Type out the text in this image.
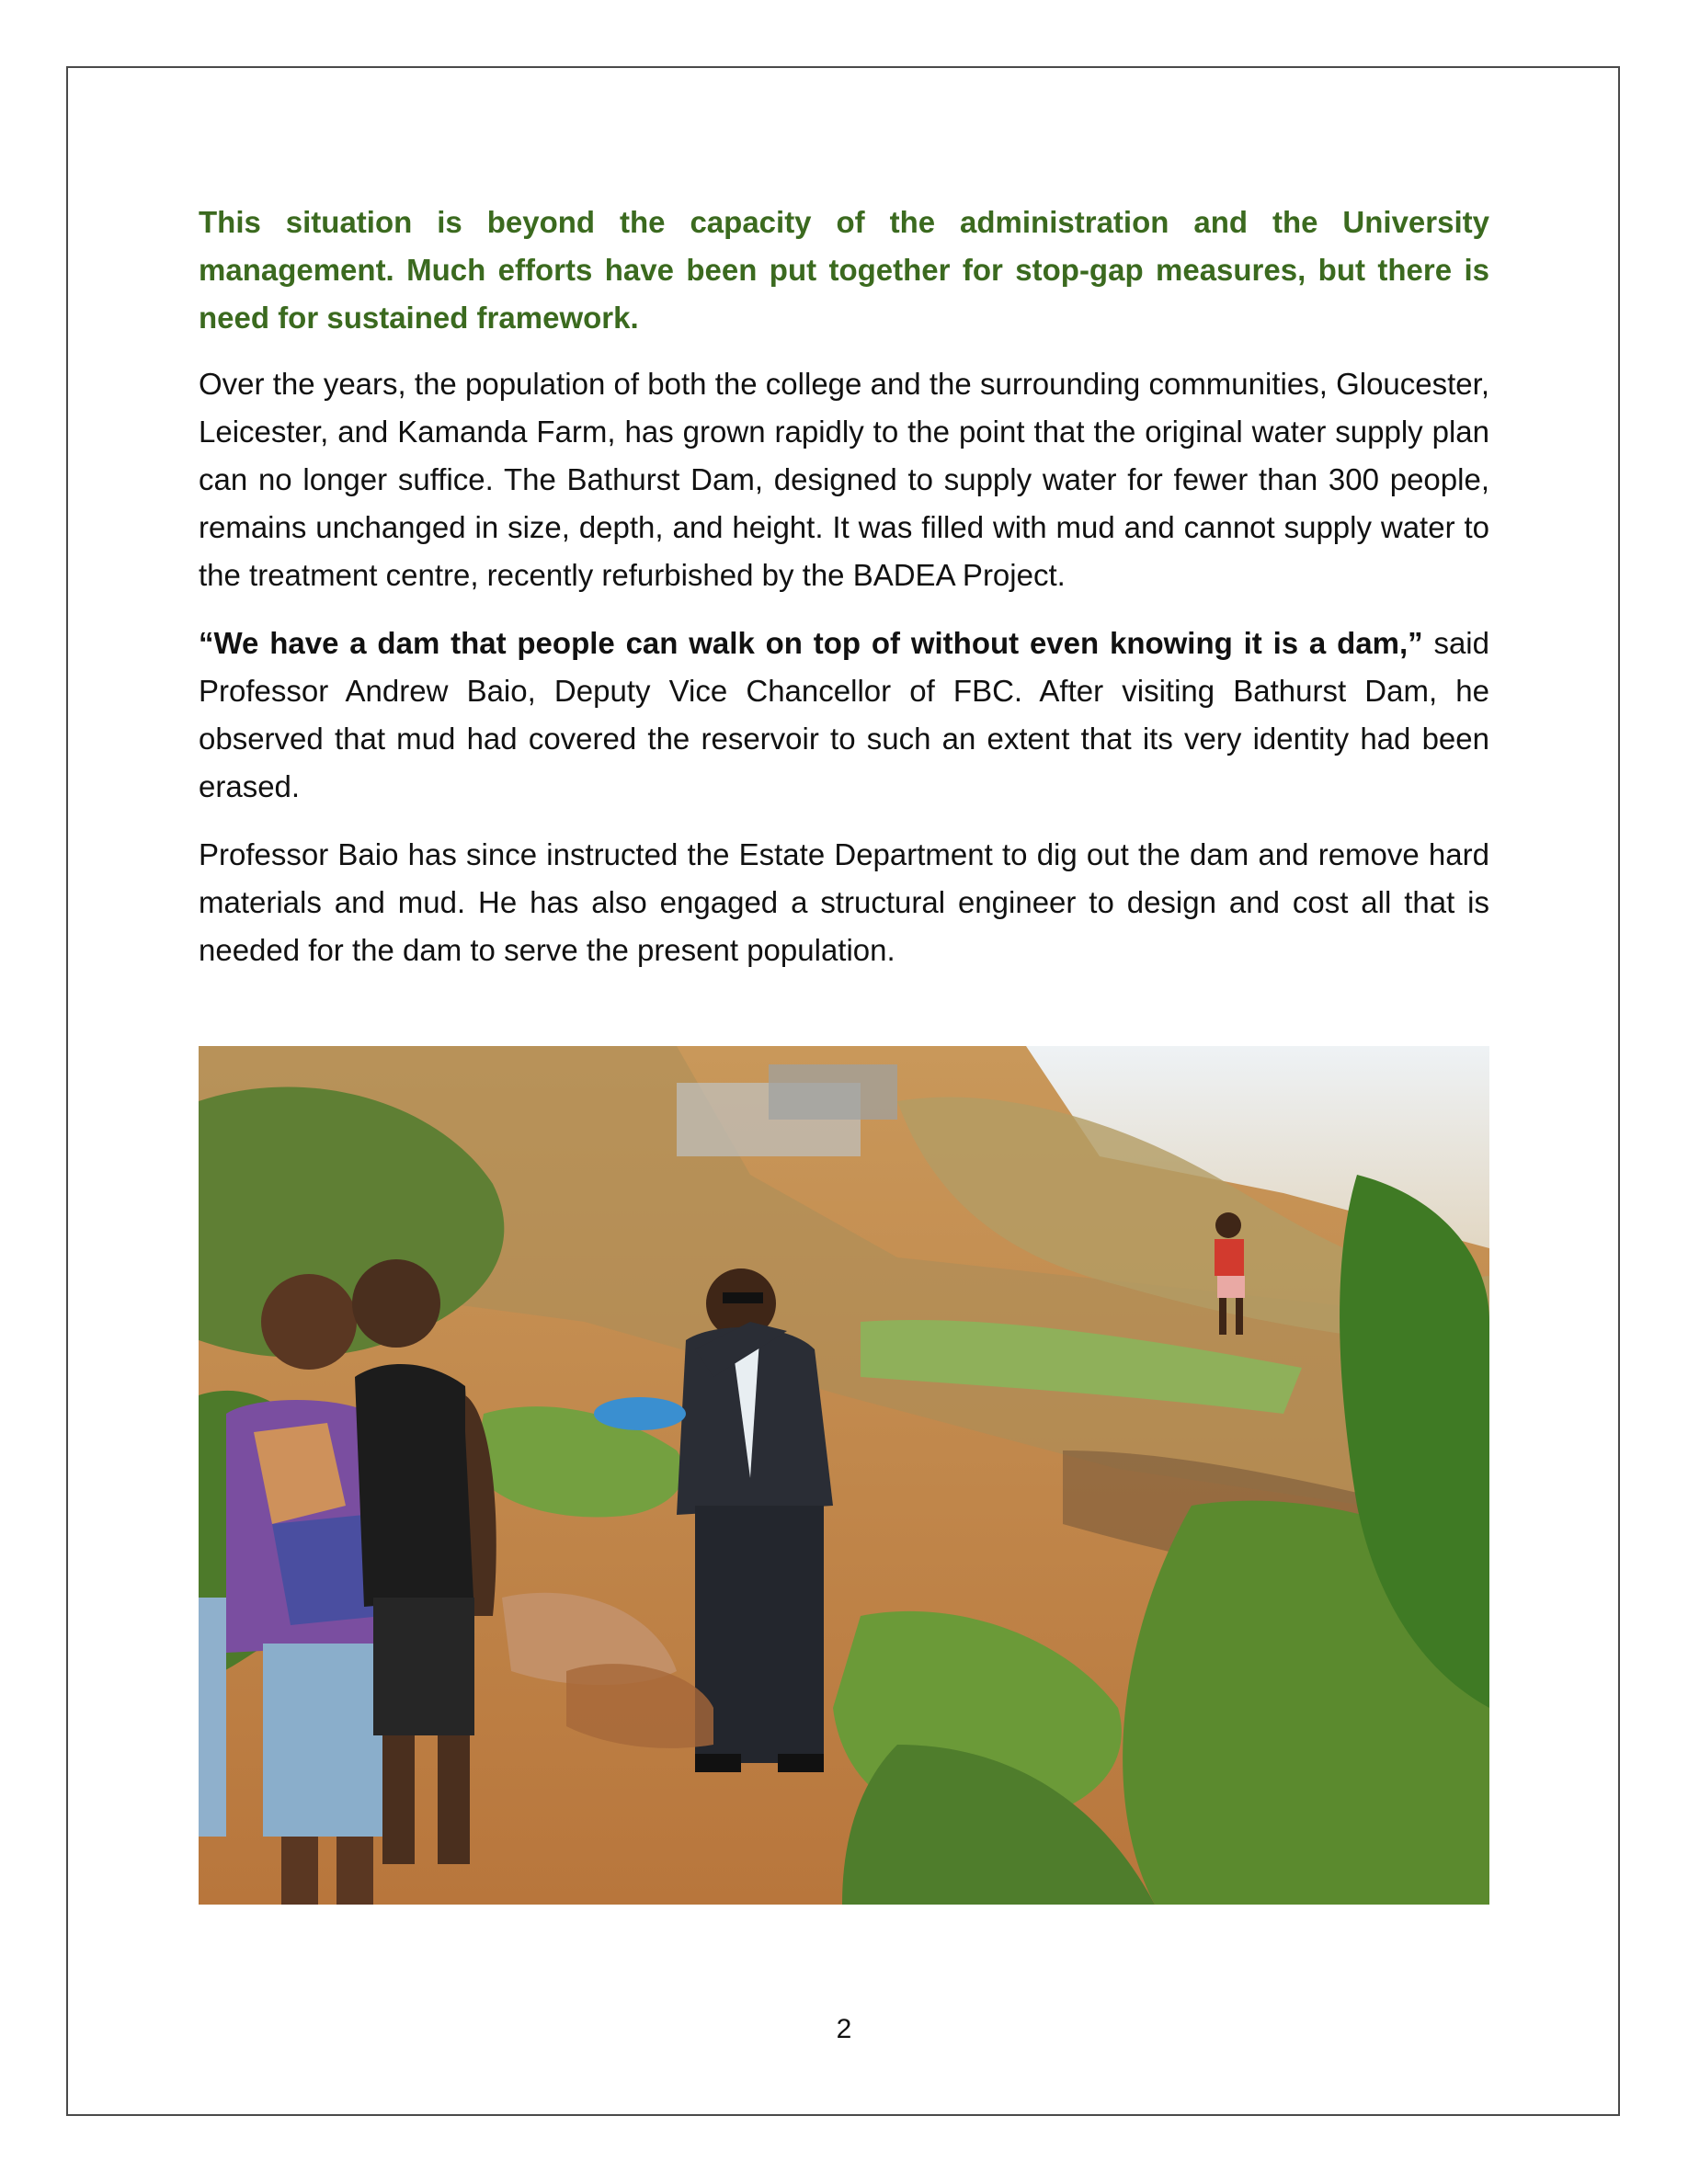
This situation is beyond the capacity of the administration and the University management. Much efforts have been put together for stop-gap measures, but there is need for sustained framework.

Over the years, the population of both the college and the surrounding communities, Gloucester, Leicester, and Kamanda Farm, has grown rapidly to the point that the original water supply plan can no longer suffice. The Bathurst Dam, designed to supply water for fewer than 300 people, remains unchanged in size, depth, and height. It was filled with mud and cannot supply water to the treatment centre, recently refurbished by the BADEA Project.

“We have a dam that people can walk on top of without even knowing it is a dam,” said Professor Andrew Baio, Deputy Vice Chancellor of FBC. After visiting Bathurst Dam, he observed that mud had covered the reservoir to such an extent that its very identity had been erased.

Professor Baio has since instructed the Estate Department to dig out the dam and remove hard materials and mud. He has also engaged a structural engineer to design and cost all that is needed for the dam to serve the present population.

2
